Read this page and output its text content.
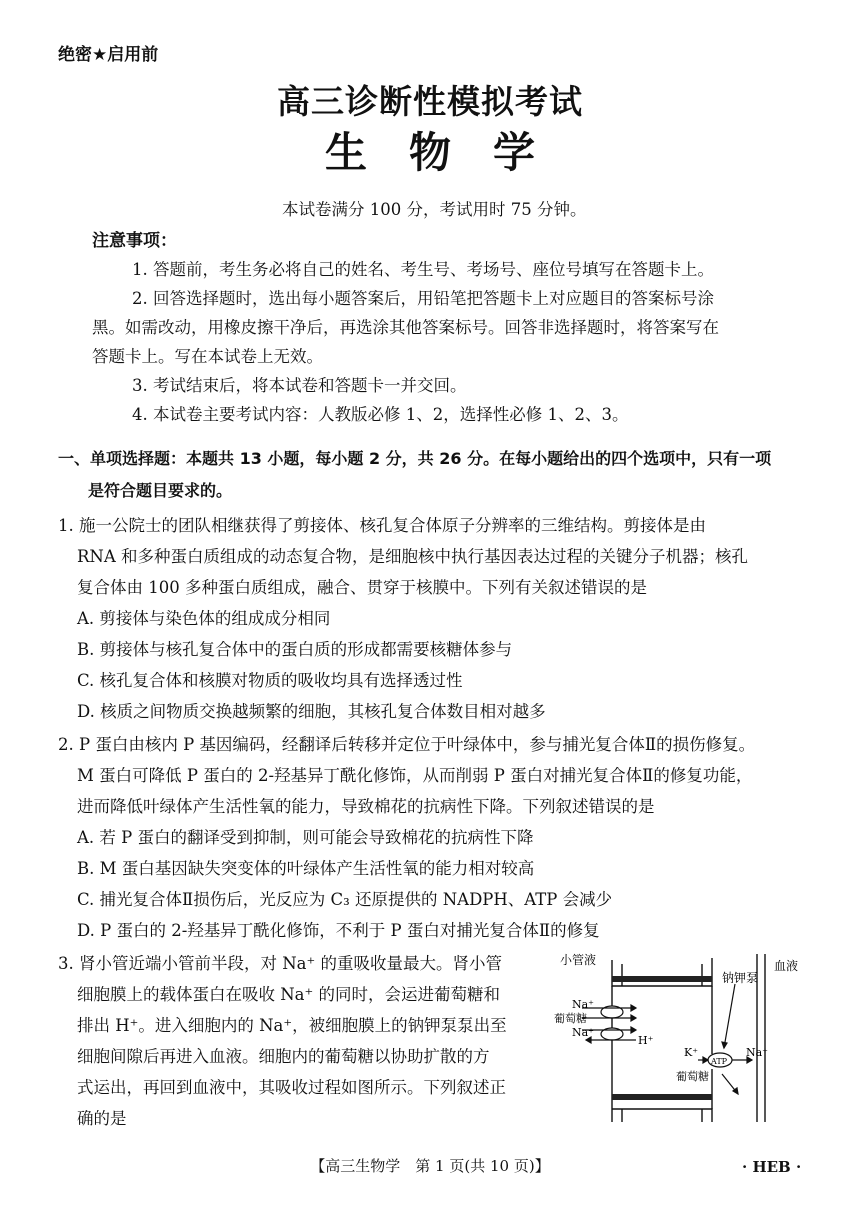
绝密★启用前
高三诊断性模拟考试
生物学
本试卷满分 100 分，考试用时 75 分钟。
注意事项：
1. 答题前，考生务必将自己的姓名、考生号、考场号、座位号填写在答题卡上。
2. 回答选择题时，选出每小题答案后，用铅笔把答题卡上对应题目的答案标号涂
黑。如需改动，用橡皮擦干净后，再选涂其他答案标号。回答非选择题时，将答案写在
答题卡上。写在本试卷上无效。
3. 考试结束后，将本试卷和答题卡一并交回。
4. 本试卷主要考试内容：人教版必修 1、2，选择性必修 1、2、3。
一、单项选择题：本题共 13 小题，每小题 2 分，共 26 分。在每小题给出的四个选项中，只有一项
是符合题目要求的。
1. 施一公院士的团队相继获得了剪接体、核孔复合体原子分辨率的三维结构。剪接体是由
RNA 和多种蛋白质组成的动态复合物，是细胞核中执行基因表达过程的关键分子机器；核孔
复合体由 100 多种蛋白质组成，融合、贯穿于核膜中。下列有关叙述错误的是
A. 剪接体与染色体的组成成分相同
B. 剪接体与核孔复合体中的蛋白质的形成都需要核糖体参与
C. 核孔复合体和核膜对物质的吸收均具有选择透过性
D. 核质之间物质交换越频繁的细胞，其核孔复合体数目相对越多
2. P 蛋白由核内 P 基因编码，经翻译后转移并定位于叶绿体中，参与捕光复合体Ⅱ的损伤修复。
M 蛋白可降低 P 蛋白的 2-羟基异丁酰化修饰，从而削弱 P 蛋白对捕光复合体Ⅱ的修复功能，
进而降低叶绿体产生活性氧的能力，导致棉花的抗病性下降。下列叙述错误的是
A. 若 P 蛋白的翻译受到抑制，则可能会导致棉花的抗病性下降
B. M 蛋白基因缺失突变体的叶绿体产生活性氧的能力相对较高
C. 捕光复合体Ⅱ损伤后，光反应为 C₃ 还原提供的 NADPH、ATP 会减少
D. P 蛋白的 2-羟基异丁酰化修饰，不利于 P 蛋白对捕光复合体Ⅱ的修复
3. 肾小管近端小管前半段，对 Na⁺ 的重吸收量最大。肾小管
细胞膜上的载体蛋白在吸收 Na⁺ 的同时，会运进葡萄糖和
排出 H⁺。进入细胞内的 Na⁺，被细胞膜上的钠钾泵泵出至
细胞间隙后再进入血液。细胞内的葡萄糖以协助扩散的方
式运出，再回到血液中，其吸收过程如图所示。下列叙述正
确的是
小管液	血液
钠钾泵
Na⁺
葡萄糖
Na⁺
H⁺
K⁺
ATP
Na⁺
葡萄糖
【高三生物学　第 1 页(共 10 页)】	· HEB ·
